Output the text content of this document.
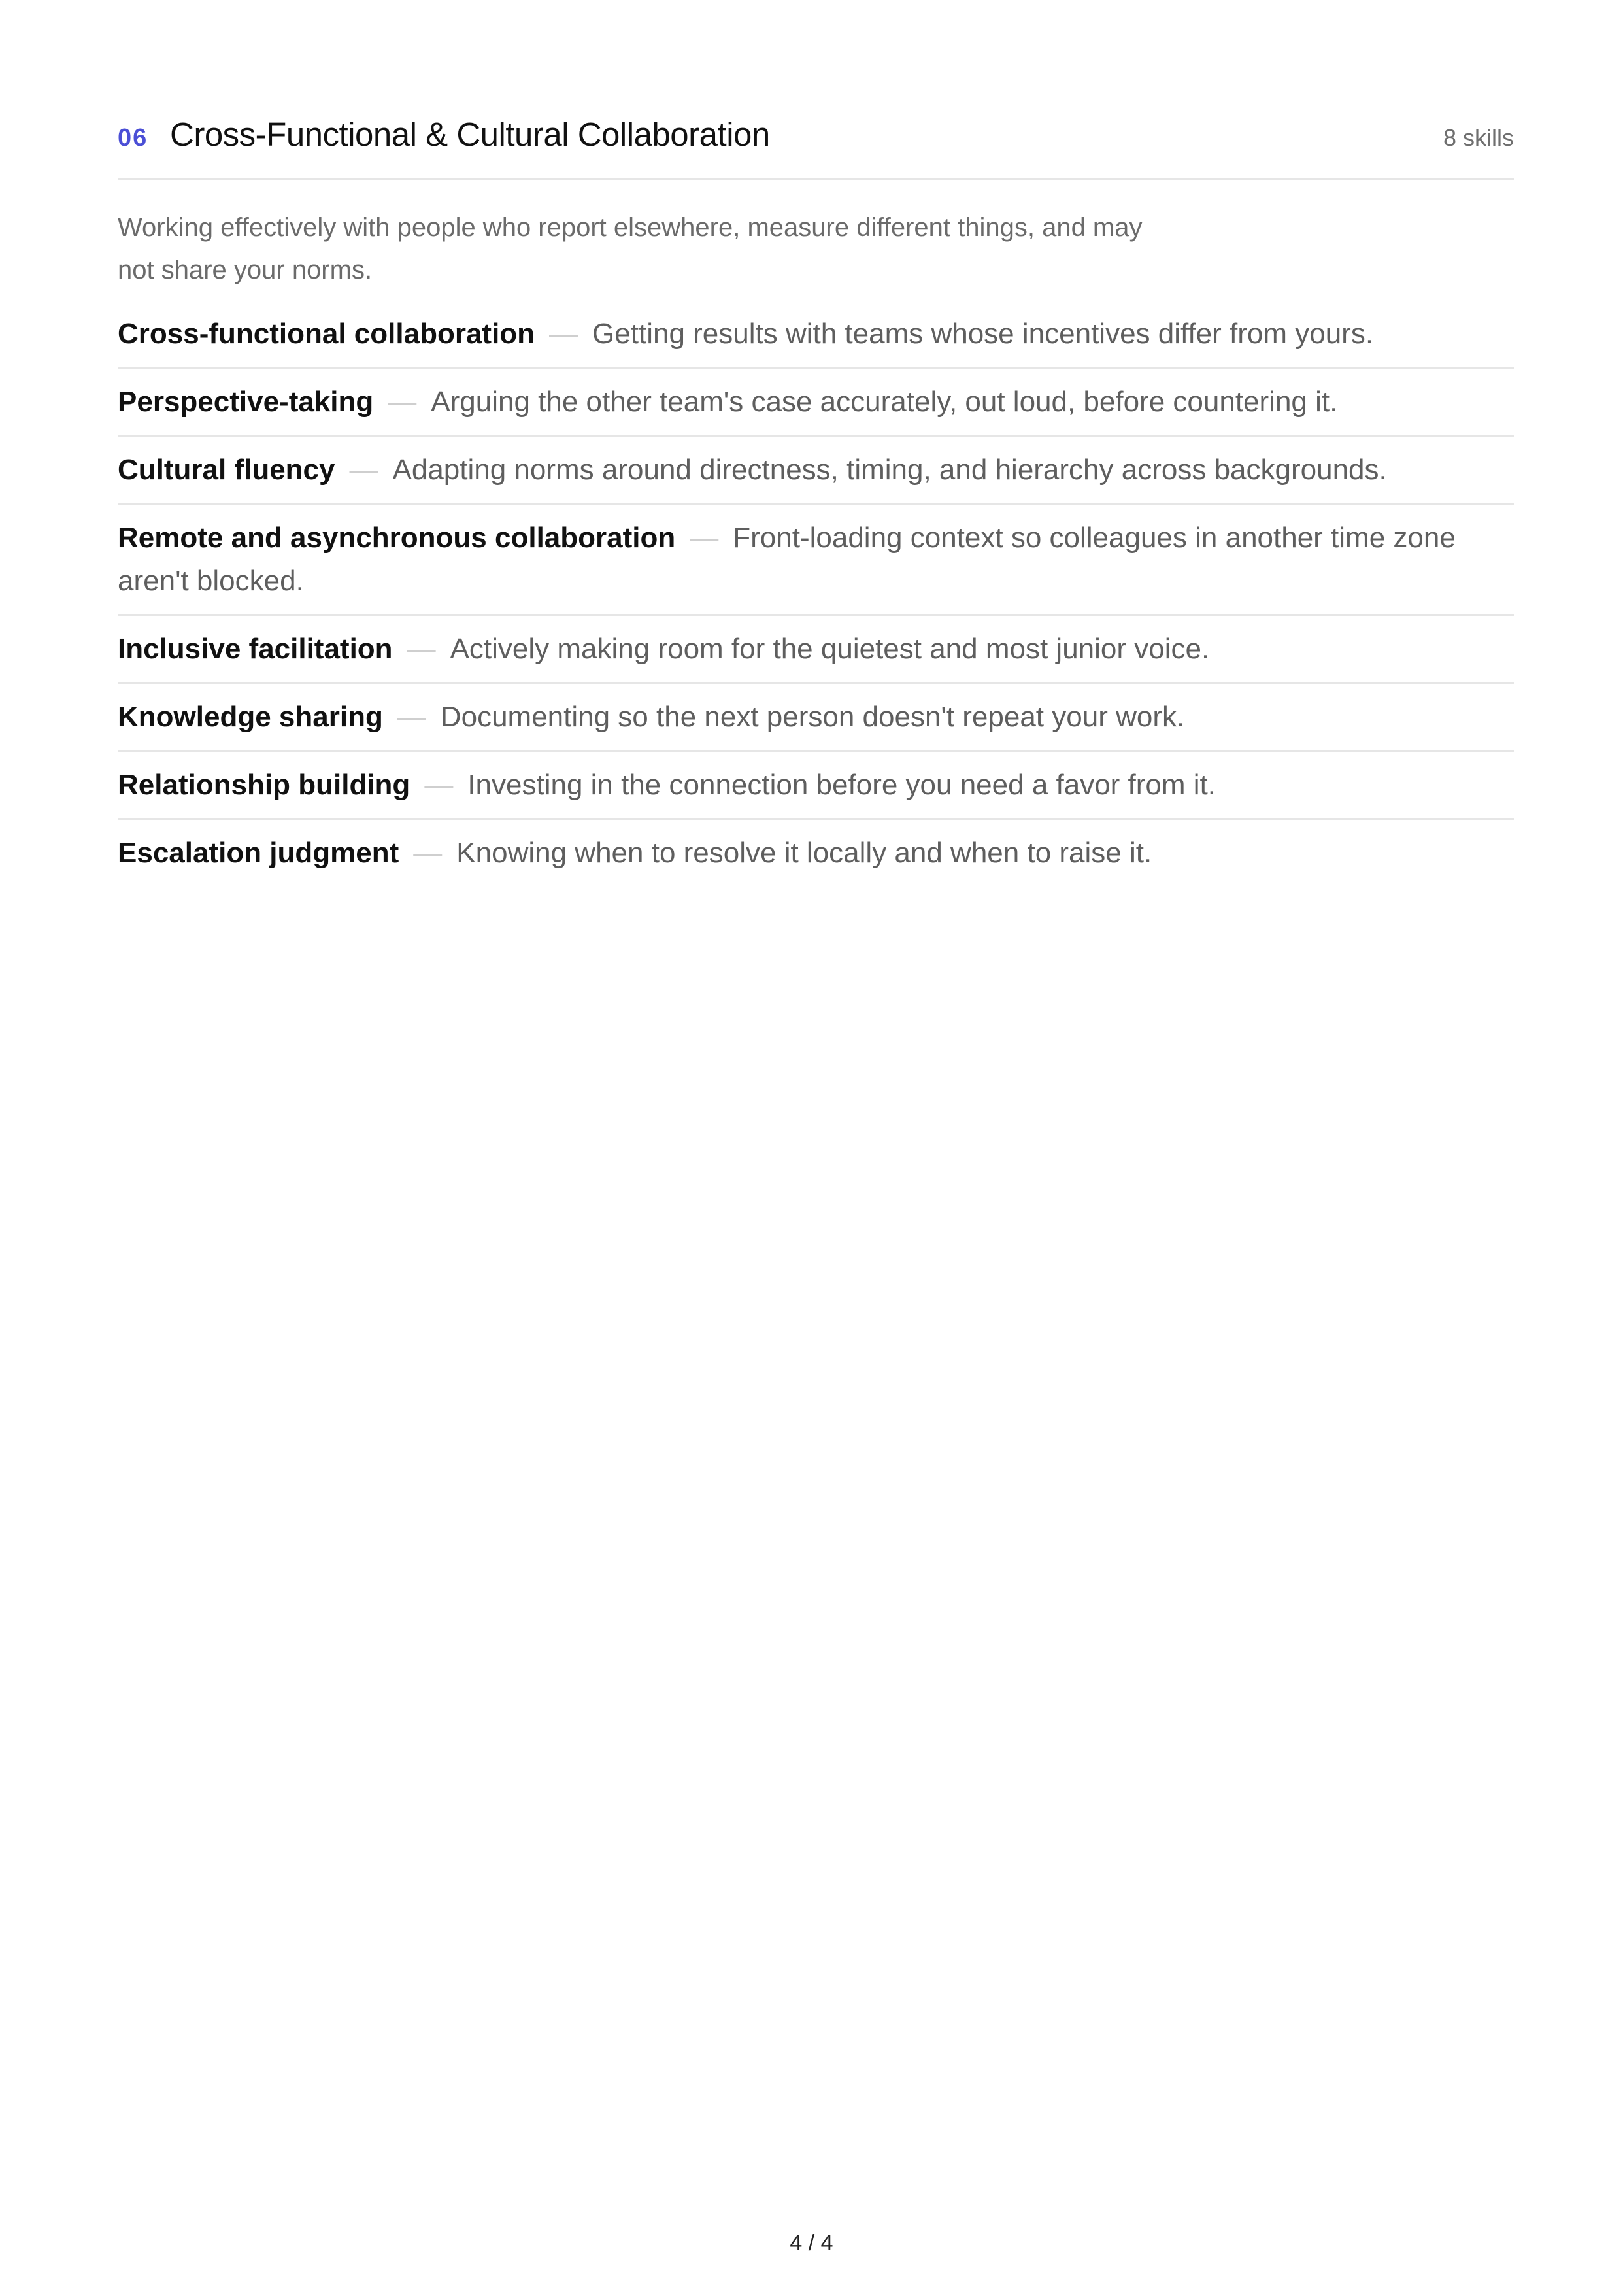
06 Cross-Functional & Cultural Collaboration	8 skills
Working effectively with people who report elsewhere, measure different things, and may not share your norms.
Cross-functional collaboration — Getting results with teams whose incentives differ from yours.
Perspective-taking — Arguing the other team's case accurately, out loud, before countering it.
Cultural fluency — Adapting norms around directness, timing, and hierarchy across backgrounds.
Remote and asynchronous collaboration — Front-loading context so colleagues in another time zone aren't blocked.
Inclusive facilitation — Actively making room for the quietest and most junior voice.
Knowledge sharing — Documenting so the next person doesn't repeat your work.
Relationship building — Investing in the connection before you need a favor from it.
Escalation judgment — Knowing when to resolve it locally and when to raise it.
4 / 4
